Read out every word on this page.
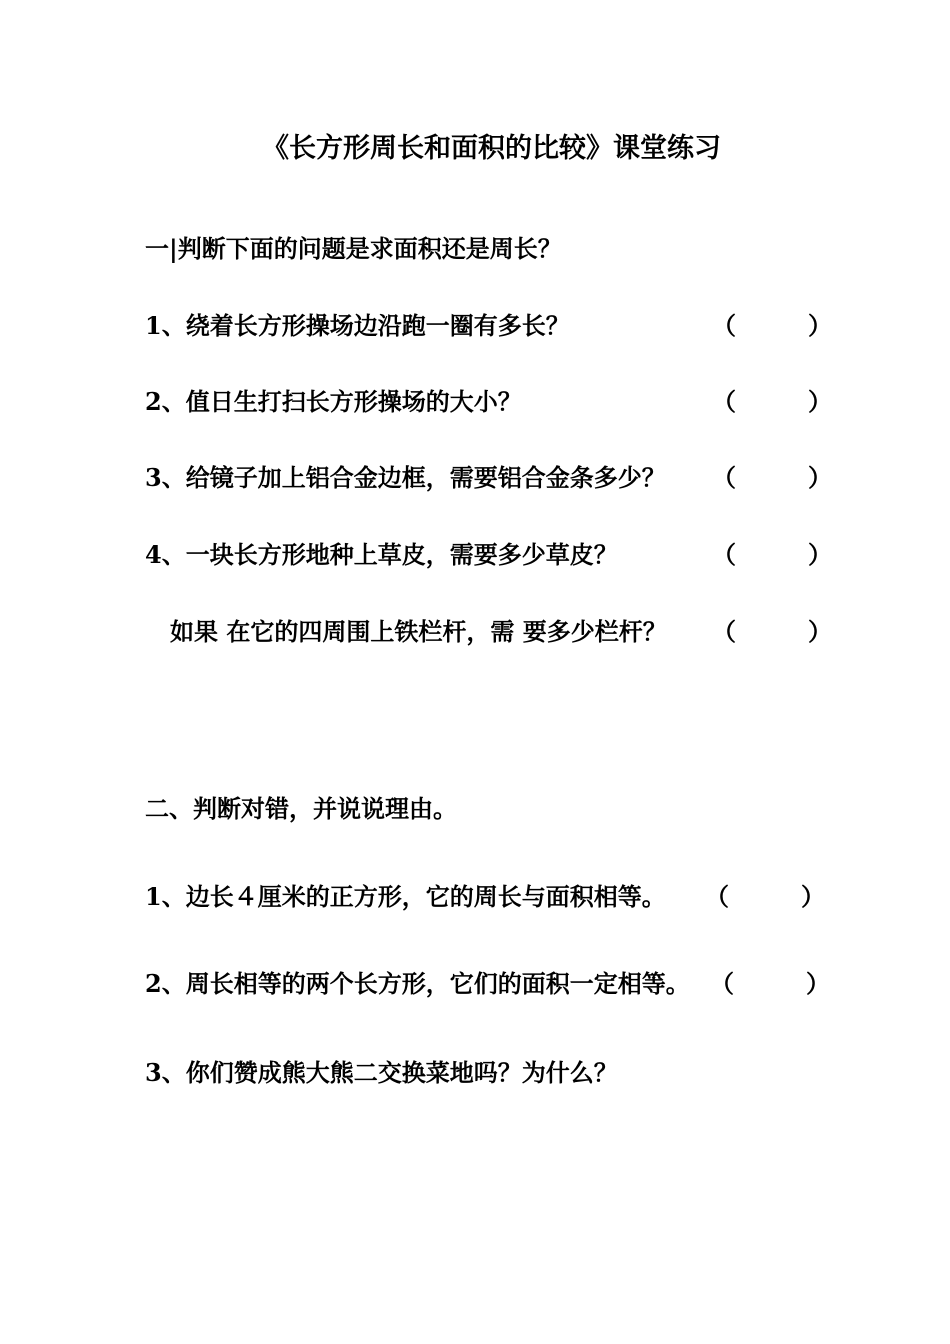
《长方形周长和面积的比较》课堂练习
一|判断下面的问题是求面积还是周长？
1、绕着长方形操场边沿跑一圈有多长？	（　　　）
2、值日生打扫长方形操场的大小？	（　　　）
3、给镜子加上铝合金边框，需要铝合金条多少？ （　　　）
4、一块长方形地种上草皮，需要多少草皮？	（　　　）
如果 在它的四周围上铁栏杆，需 要多少栏杆？ （　　　）
二、判断对错，并说说理由。
1、边长４厘米的正方形，它的周长与面积相等。 （　　　）
2、周长相等的两个长方形，它们的面积一定相等。 （　　　）
3、你们赞成熊大熊二交换菜地吗？为什么？
